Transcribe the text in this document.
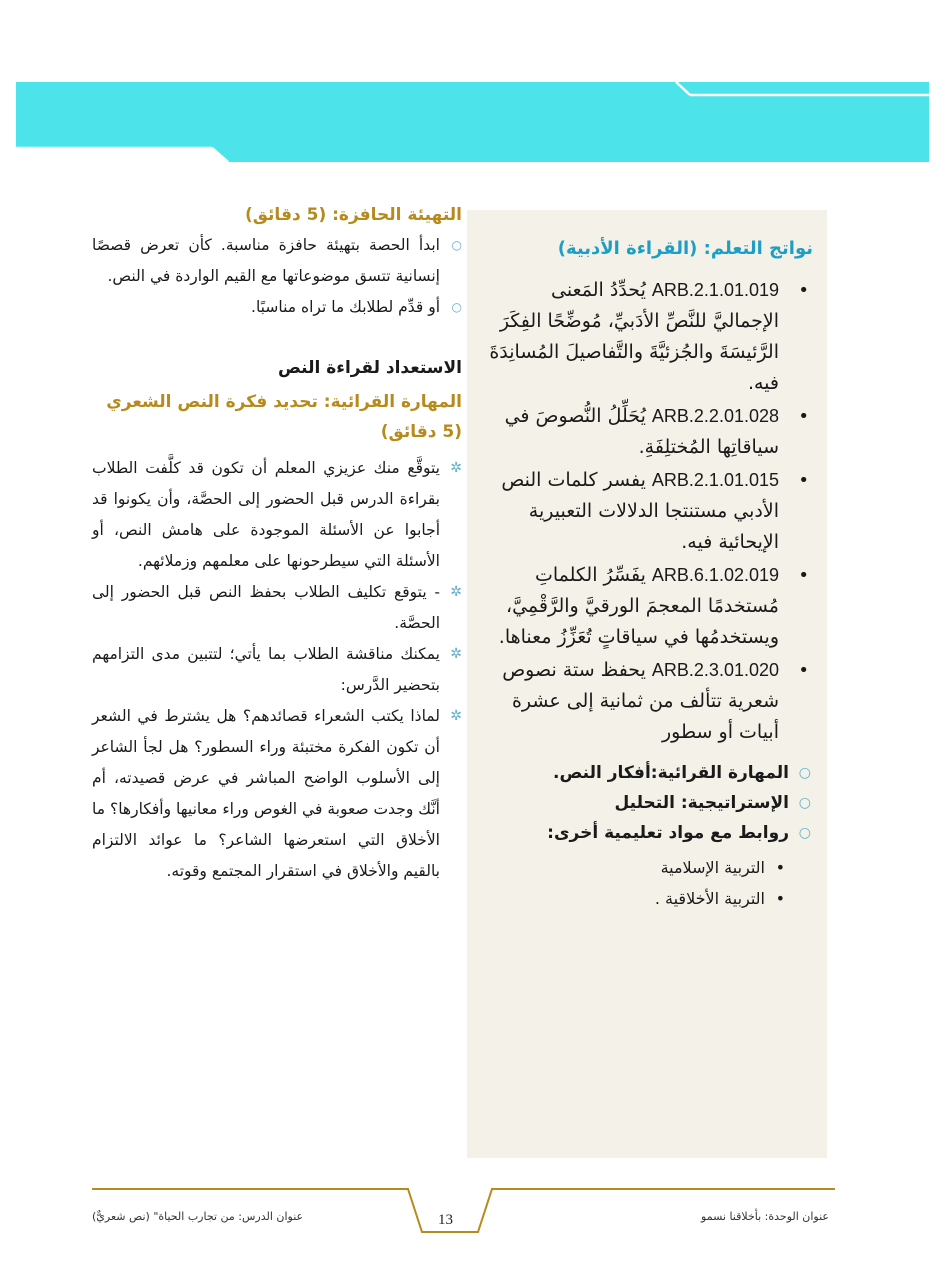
نواتج التعلم: (القراءة الأدبية)
•
ARB.2.1.01.019 يُحدِّدُ المَعنى الإجماليَّ للنَّصِّ الأدَبيِّ، مُوضِّحًا الفِكَرَ الرَّئيسَةَ والجُزئيَّةَ والتَّفاصيلَ المُسانِدَةَ فيه.
•
ARB.2.2.01.028 يُحَلِّلُ النُّصوصَ في سياقاتِها المُختلِفَةِ.
•
ARB.2.1.01.015 يفسر كلمات النص الأدبي مستنتجا الدلالات التعبيرية الإيحائية فيه.
•
ARB.6.1.02.019 يفَسِّرُ الكلماتِ مُستخدمًا المعجمَ الورقيَّ والرَّقْمِيَّ، ويستخدمُها في سياقاتٍ تُعَزِّزُ معناها.
•
ARB.2.3.01.020 يحفظ ستة نصوص شعرية تتألف من ثمانية إلى عشرة أبيات أو سطور
○
المهارة القرائية:أفكار النص.
○
الإستراتيجية: التحليل
○
روابط مع مواد تعليمية أخرى:
•
التربية الإسلامية
•
التربية الأخلاقية .
التهيئة الحافزة: (5 دقائق)
○
ابدأ الحصة بتهيئة حافزة مناسبة. كأن تعرض قصصًا إنسانية تتسق موضوعاتها مع القيم الواردة في النص.
○
أو قدِّم لطلابك ما تراه مناسبًا.
الاستعداد لقراءة النص
المهارة القرائية: تحديد فكرة النص الشعري (5 دقائق)
✲
يتوقَّع منك عزيزي المعلم أن تكون قد كلَّفت الطلاب بقراءة الدرس قبل الحضور إلى الحصَّة، وأن يكونوا قد أجابوا عن الأسئلة الموجودة على هامش النص، أو الأسئلة التي سيطرحونها على معلمهم وزملائهم.
✲
- يتوقع تكليف الطلاب بحفظ النص قبل الحضور إلى الحصَّة.
✲
يمكنك مناقشة الطلاب بما يأتي؛ لتتبين مدى التزامهم بتحضير الدَّرس:
✲
لماذا يكتب الشعراء قصائدهم؟ هل يشترط في الشعر أن تكون الفكرة مختبئة وراء السطور؟ هل لجأ الشاعر إلى الأسلوب الواضح المباشر في عرض قصيدته، أم أنَّك وجدت صعوبة في الغوص وراء معانيها وأفكارها؟ ما الأخلاق التي استعرضها الشاعر؟ ما عوائد الالتزام بالقيم والأخلاق في استقرار المجتمع وقوته.
عنوان الوحدة: بأخلاقنا نسمو
13
عنوان الدرس: من تجارب الحياة" (نص شعريٌّ)
